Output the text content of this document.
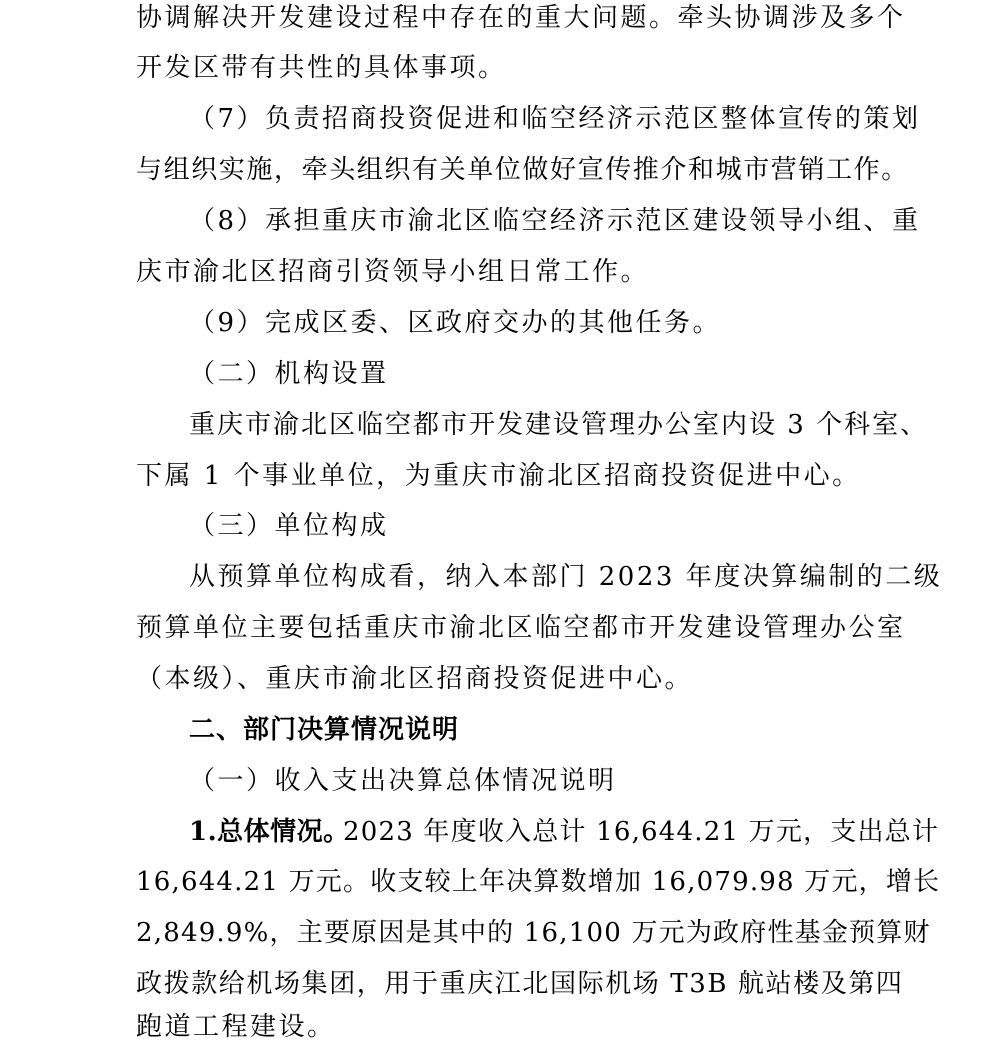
协调解决开发建设过程中存在的重大问题。牵头协调涉及多个
开发区带有共性的具体事项。
（7）负责招商投资促进和临空经济示范区整体宣传的策划
与组织实施，牵头组织有关单位做好宣传推介和城市营销工作。
（8）承担重庆市渝北区临空经济示范区建设领导小组、重
庆市渝北区招商引资领导小组日常工作。
（9）完成区委、区政府交办的其他任务。
（二）机构设置
重庆市渝北区临空都市开发建设管理办公室内设 3 个科室、
下属 1 个事业单位，为重庆市渝北区招商投资促进中心。
（三）单位构成
从预算单位构成看，纳入本部门 2023 年度决算编制的二级
预算单位主要包括重庆市渝北区临空都市开发建设管理办公室
（本级）、重庆市渝北区招商投资促进中心。
二、部门决算情况说明
（一）收入支出决算总体情况说明
1.总体情况。
2023 年度收入总计 16,644.21 万元，支出总计
16,644.21 万元。收支较上年决算数增加 16,079.98 万元，增长
2,849.9%，主要原因是其中的 16,100 万元为政府性基金预算财
政拨款给机场集团，用于重庆江北国际机场 T3B 航站楼及第四
跑道工程建设。
